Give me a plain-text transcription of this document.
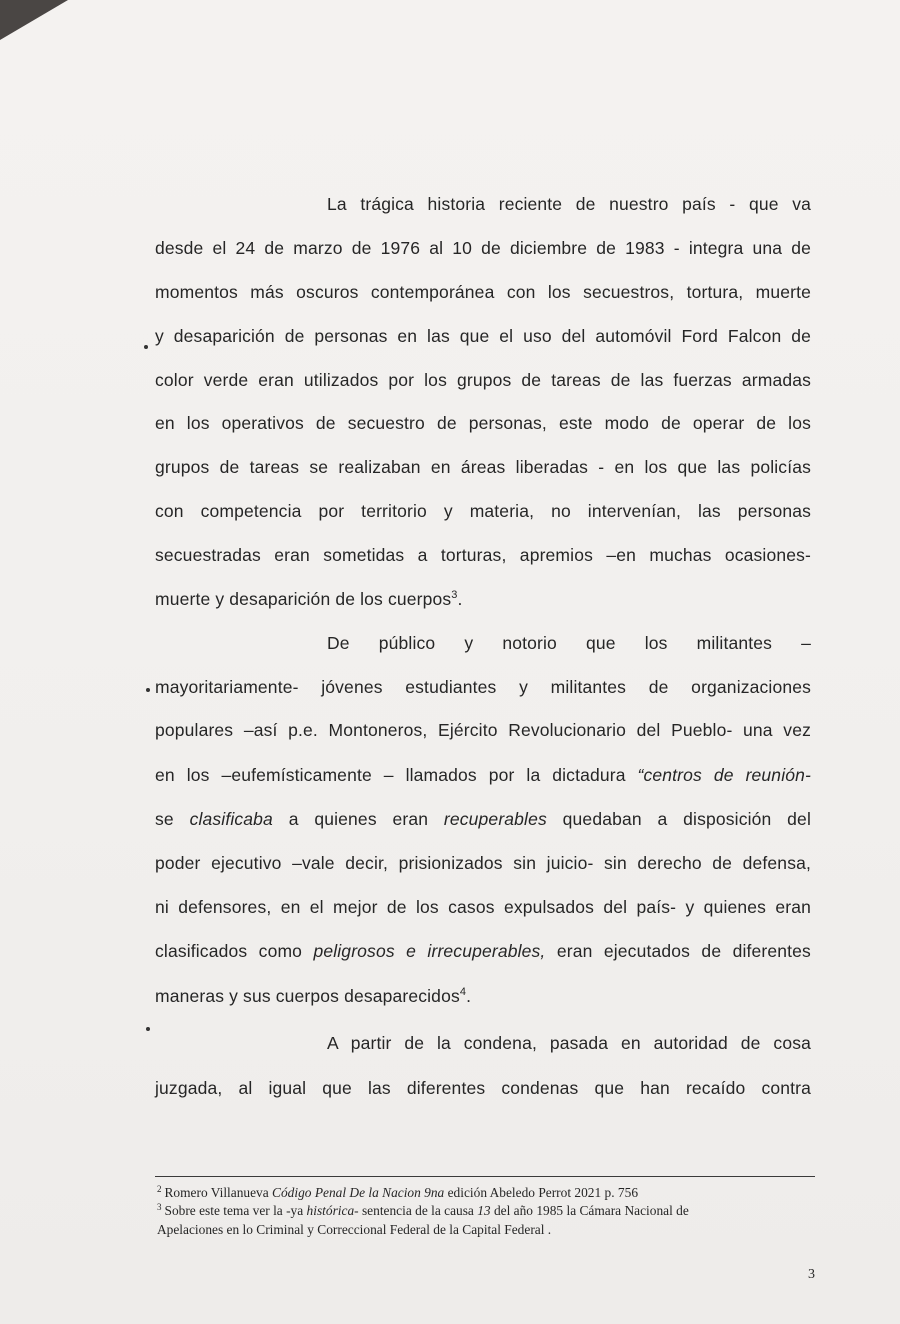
La trágica historia reciente de nuestro país - que va
desde el 24 de marzo de 1976 al 10 de diciembre de 1983 - integra una de
momentos más oscuros contemporánea con los secuestros, tortura, muerte
y desaparición de personas en las que el uso del automóvil Ford Falcon de
color verde eran utilizados por los grupos de tareas de las fuerzas armadas
en los operativos de secuestro de personas, este modo de operar de los
grupos de tareas se realizaban en áreas liberadas - en los que las policías
con competencia por territorio y materia, no intervenían, las personas
secuestradas eran sometidas a torturas, apremios –en muchas ocasiones-
muerte y desaparición de los cuerpos$^3$.
De público y notorio que los militantes –
mayoritariamente- jóvenes estudiantes y militantes de organizaciones
populares –así p.e. Montoneros, Ejército Revolucionario del Pueblo- una vez
en los –eufemísticamente – llamados por la dictadura “centros de reunión-
se clasificaba a quienes eran recuperables quedaban a disposición del
poder ejecutivo –vale decir, prisionizados sin juicio- sin derecho de defensa,
ni defensores, en el mejor de los casos expulsados del país- y quienes eran
clasificados como peligrosos e irrecuperables, eran ejecutados de diferentes
maneras y sus cuerpos desaparecidos$^4$.
A partir de la condena, pasada en autoridad de cosa
juzgada, al igual que las diferentes condenas que han recaído contra
$^2$ Romero Villanueva Código Penal De la Nacion 9na edición Abeledo Perrot 2021 p. 756
$^3$ Sobre este tema ver la -ya histórica- sentencia de la causa 13 del año 1985 la Cámara Nacional de
Apelaciones en lo Criminal y Correccional Federal de la Capital Federal .
3
